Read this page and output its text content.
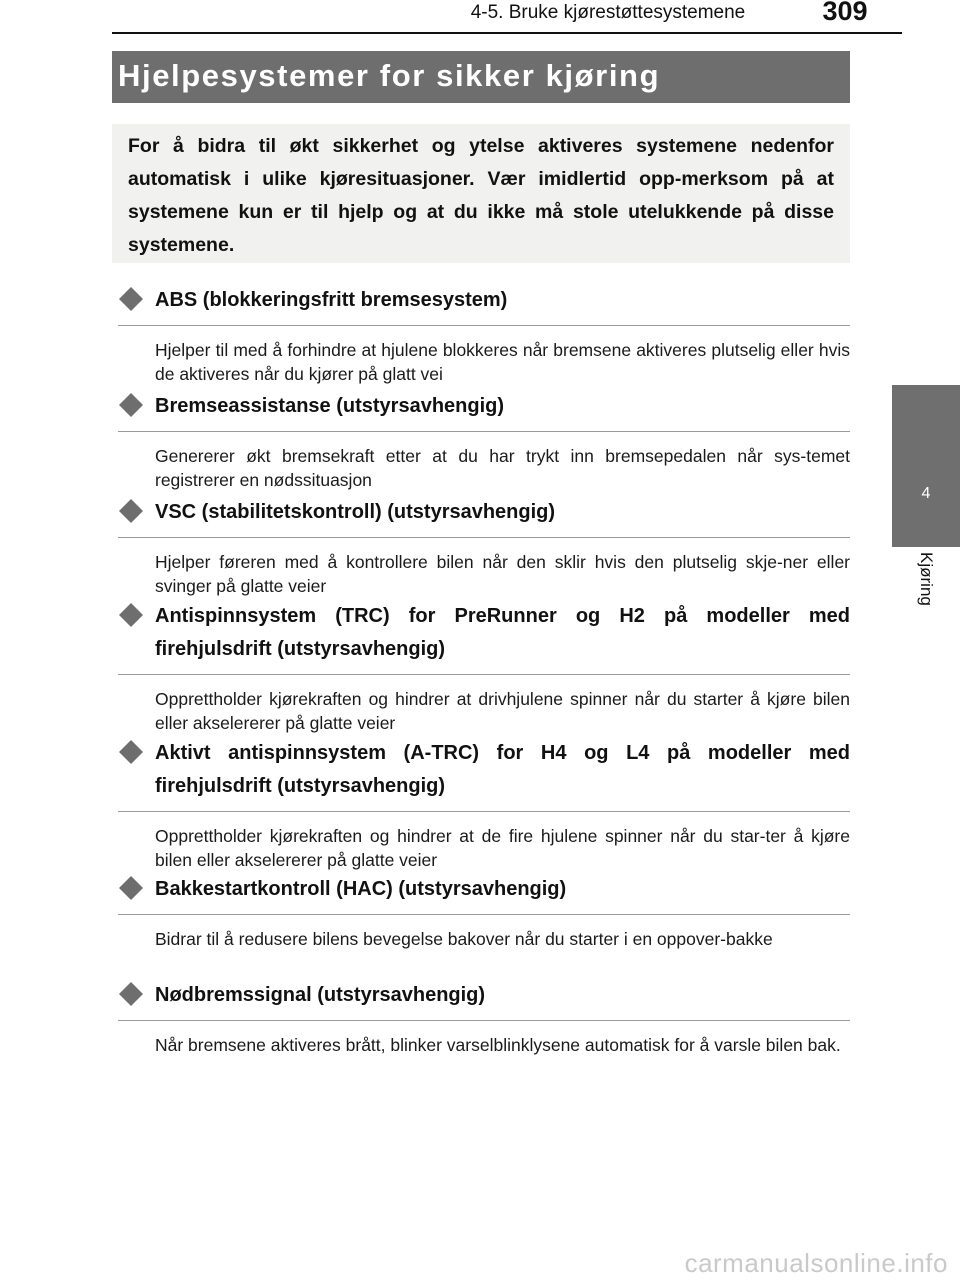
4-5. Bruke kjørestøttesystemene	309
4
Kjøring
Hjelpesystemer for sikker kjøring
For å bidra til økt sikkerhet og ytelse aktiveres systemene nedenfor automatisk i ulike kjøresituasjoner. Vær imidlertid opp-merksom på at systemene kun er til hjelp og at du ikke må stole utelukkende på disse systemene.
ABS (blokkeringsfritt bremsesystem)
Hjelper til med å forhindre at hjulene blokkeres når bremsene aktiveres plutselig eller hvis de aktiveres når du kjører på glatt vei
Bremseassistanse (utstyrsavhengig)
Genererer økt bremsekraft etter at du har trykt inn bremsepedalen når sys-temet registrerer en nødssituasjon
VSC (stabilitetskontroll) (utstyrsavhengig)
Hjelper føreren med å kontrollere bilen når den sklir hvis den plutselig skje-ner eller svinger på glatte veier
Antispinnsystem (TRC) for PreRunner og H2 på modeller med firehjulsdrift (utstyrsavhengig)
Opprettholder kjørekraften og hindrer at drivhjulene spinner når du starter å kjøre bilen eller akselererer på glatte veier
Aktivt antispinnsystem (A-TRC) for H4 og L4 på modeller med firehjulsdrift (utstyrsavhengig)
Opprettholder kjørekraften og hindrer at de fire hjulene spinner når du star-ter å kjøre bilen eller akselererer på glatte veier
Bakkestartkontroll (HAC) (utstyrsavhengig)
Bidrar til å redusere bilens bevegelse bakover når du starter i en oppover-bakke
Nødbremssignal (utstyrsavhengig)
Når bremsene aktiveres brått, blinker varselblinklysene automatisk for å varsle bilen bak.
carmanualsonline.info
